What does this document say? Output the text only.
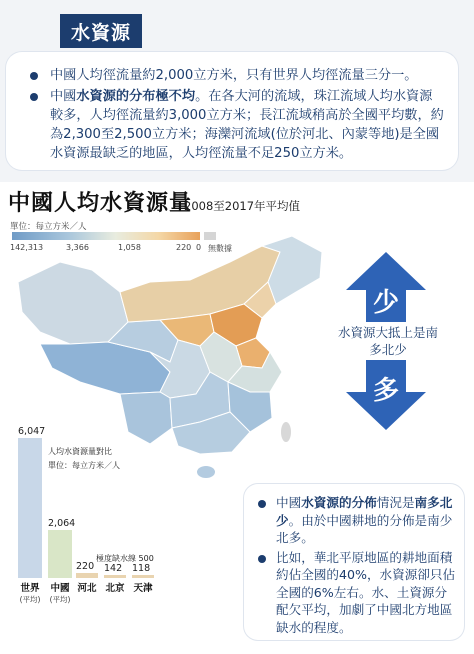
水資源
中國人均徑流量約2,000立方米，只有世界人均徑流量三分一。
中國水資源的分布極不均。在各大河的流域，珠江流域人均水資源較多，人均徑流量約3,000立方米；長江流域稍高於全國平均數，約為2,300至2,500立方米；海灤河流域(位於河北、內蒙等地)是全國水資源最缺乏的地區，人均徑流量不足250立方米。
中國人均水資源量
2008至2017年平均值
單位：每立方米／人
142,313	3,366	1,058	220 0 無數據
少
水資源大抵上是南多北少
多
人均水資源量對比
單位：每立方米／人
極度缺水線 500
6,047
世界
(平均)
2,064
中國
(平均)
220
河北
142
北京
118
天津
中國水資源的分佈情況是南多北少。由於中國耕地的分佈是南少北多。
比如，華北平原地區的耕地面積約佔全國的40%，水資源卻只佔全國的6%左右。水、土資源分配欠平均，加劇了中國北方地區缺水的程度。
